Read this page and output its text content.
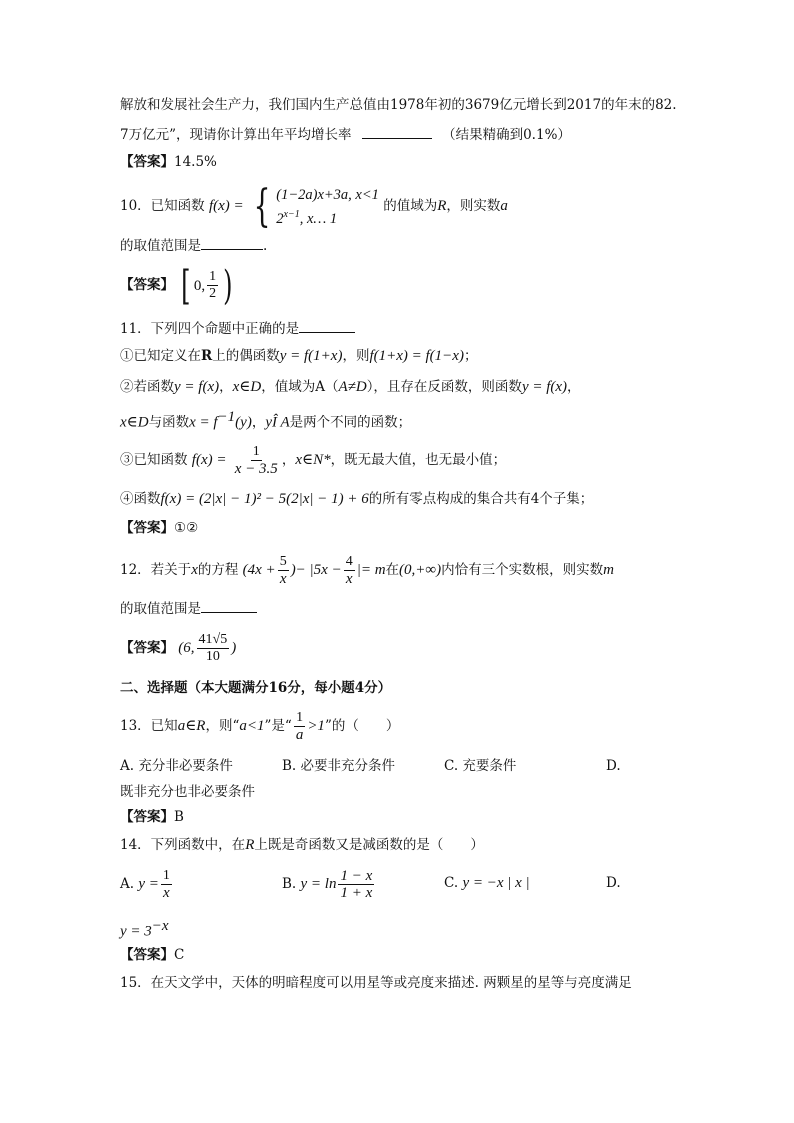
解放和发展社会生产力，我们国内生产总值由1978年初的3679亿元增长到2017的年末的82.
7万亿元”，现请你计算出年平均增长率	（结果精确到0.1%）
【答案】14.5%
10．已知函数 f(x) = { (1−2a)x+3a, x<1
$2^{x-1}$, x… 1
的值域为R，则实数a
的取值范围是	.
【答案】 [ 0, $\frac{1}{2}$ )
11．下列四个命题中正确的是
①已知定义在R上的偶函数y = f(1+x)，则f(1+x) = f(1−x)；
②若函数y = f(x)，x∈D，值域为A（A≠D），且存在反函数，则函数y = f(x)，
x∈D与函数$x = f^{-1}(y)$，yÎ A是两个不同的函数；
③已知函数 $f(x) = \frac{1}{x - 3.5}$ ，x∈N*，既无最大值，也无最小值；
④函数f(x) = (2|x| − 1)² − 5(2|x| − 1) + 6的所有零点构成的集合共有4个子集；
【答案】①②
12．若关于x的方程 ($4x + \frac{5}{x}$ )− $|5x - \frac{4}{x}$ |= m在(0,+∞)内恰有三个实数根，则实数m
的取值范围是
【答案】 (6, $\frac{41√5}{10}$ )
二、选择题（本大题满分16分，每小题4分）
13．已知a∈R，则“a<1”是“ $\frac{1}{a} >1$”的（　　）
A. 充分非必要条件	B. 必要非充分条件	C. 充要条件	D.
既非充分也非必要条件
【答案】B
14．下列函数中，在R上既是奇函数又是减函数的是（　　）
A. $y = \frac{1}{x}$	B. $y = \ln \frac{1 - x}{1 + x}$	C. y = −x | x |	D.
$y = 3^{-x}$
【答案】C
15．在天文学中，天体的明暗程度可以用星等或亮度来描述. 两颗星的星等与亮度满足
